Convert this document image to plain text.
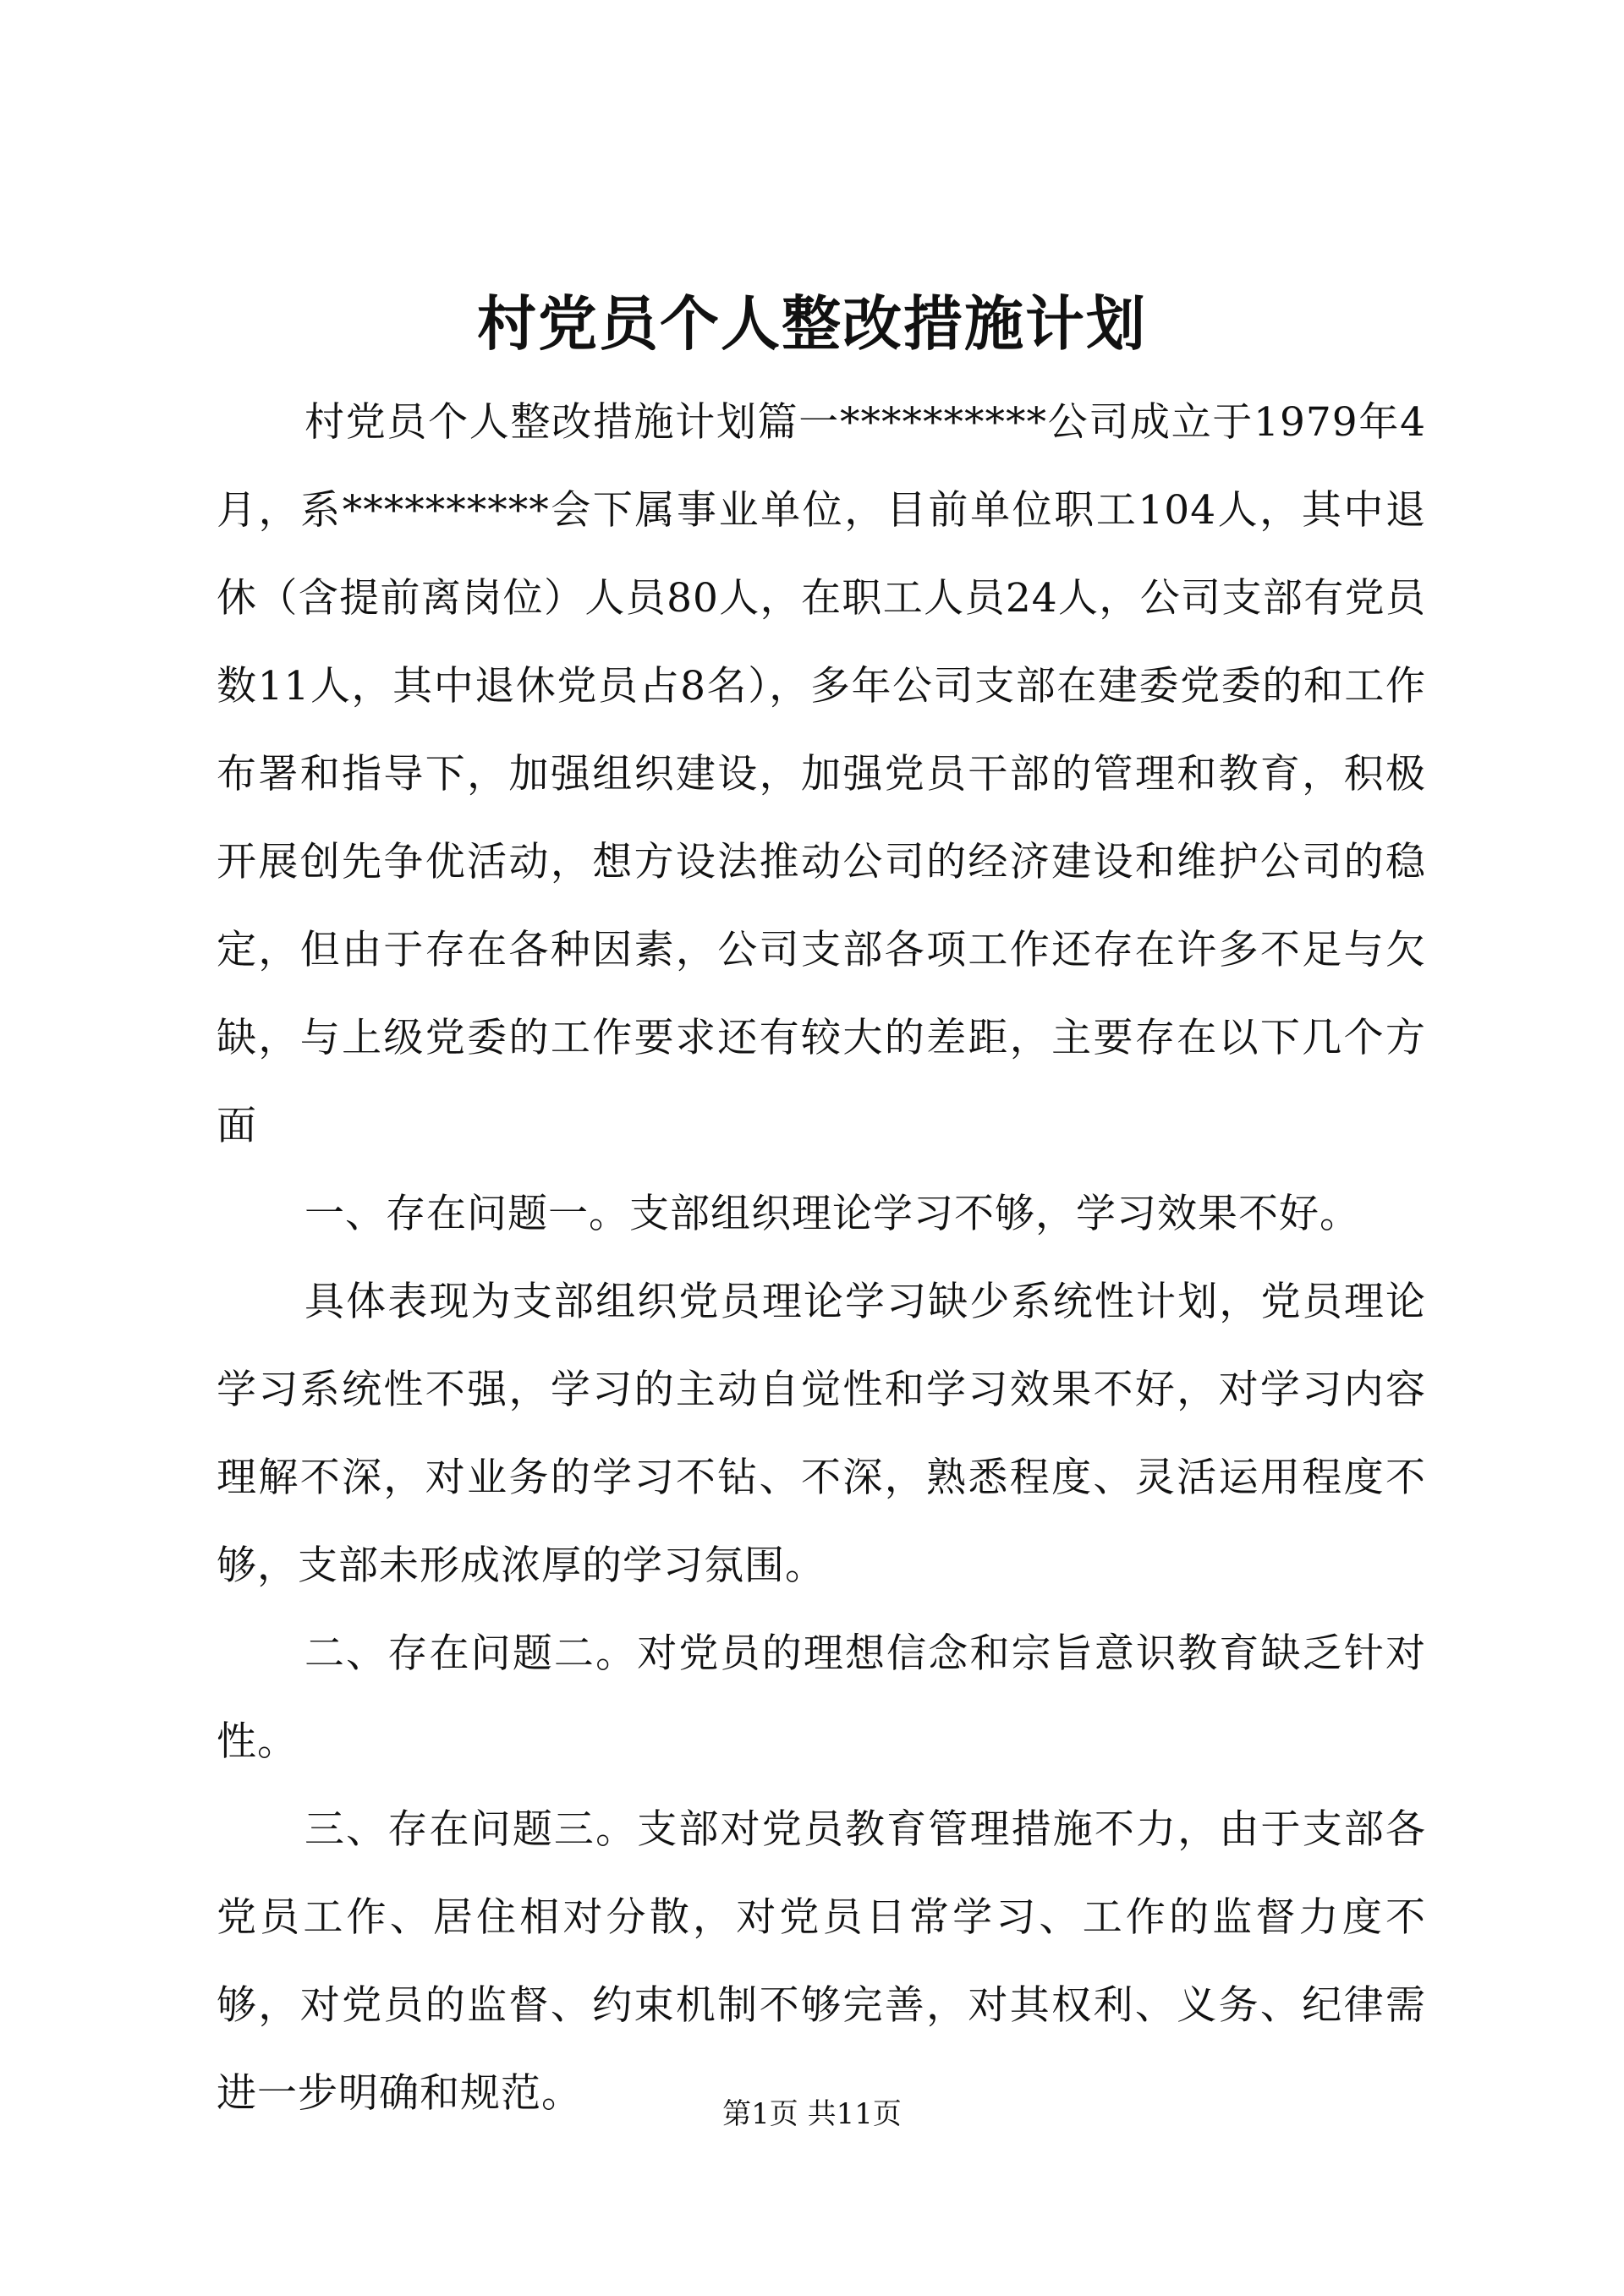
村党员个人整改措施计划

村党员个人整改措施计划篇一**********公司成立于1979年4月，系**********会下属事业单位，目前单位职工104人，其中退休（含提前离岗位）人员80人，在职工人员24人，公司支部有党员数11人，其中退休党员占8名），多年公司支部在建委党委的和工作布署和指导下，加强组织建设，加强党员干部的管理和教育，积极开展创先争优活动，想方设法推动公司的经济建设和维护公司的稳定，但由于存在各种因素，公司支部各项工作还存在许多不足与欠缺，与上级党委的工作要求还有较大的差距，主要存在以下几个方面

一、存在问题一。支部组织理论学习不够，学习效果不好。

具体表现为支部组织党员理论学习缺少系统性计划，党员理论学习系统性不强，学习的主动自觉性和学习效果不好，对学习内容理解不深，对业务的学习不钻、不深，熟悉程度、灵活运用程度不够，支部未形成浓厚的学习氛围。

二、存在问题二。对党员的理想信念和宗旨意识教育缺乏针对性。

三、存在问题三。支部对党员教育管理措施不力，由于支部各党员工作、居住相对分散，对党员日常学习、工作的监督力度不够，对党员的监督、约束机制不够完善，对其权利、义务、纪律需进一步明确和规范。	第1页 共11页
